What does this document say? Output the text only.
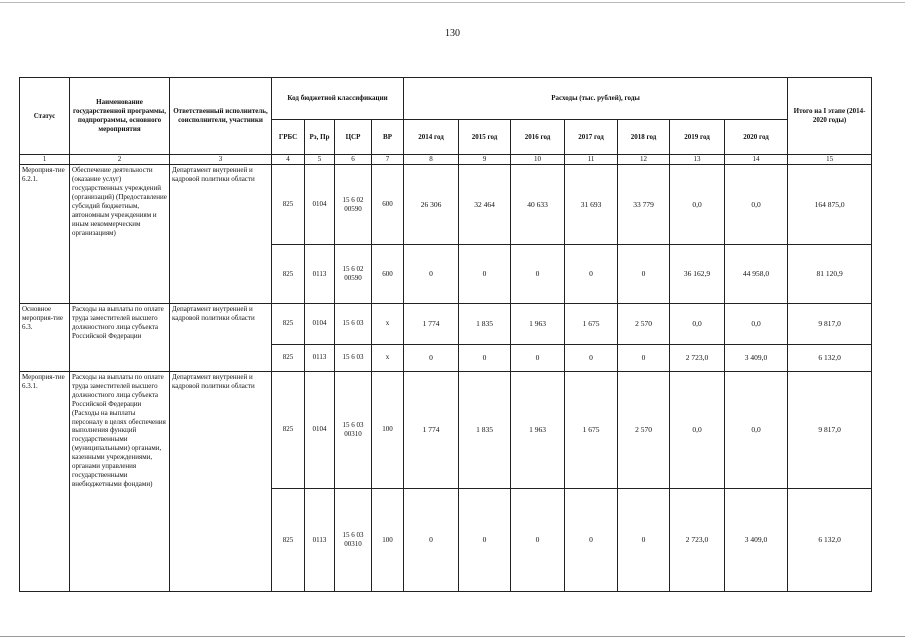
130
Статус	Наименование государственной программы, подпрограммы, основного мероприятия	Ответственный исполнитель, соисполнители, участники	Код бюджетной классификации				Расходы (тыс. рублей), годы							Итого на I этапе (2014-2020 годы)
			ГРБС	Рз, Пр	ЦСР	ВР	2014 год	2015 год	2016 год	2017 год	2018 год	2019 год	2020 год	
1	2	3	4	5	6	7	8	9	10	11	12	13	14	15
Мероприя-тие 6.2.1.	Обеспечение деятельности (оказание услуг) государственных учреждений (организаций) (Предоставление субсидий бюджетным, автономным учреждениям и иным некоммерческим организациям)	Департамент внутренней и кадровой политики области	825	0104	15 6 02 00590	600	26 306	32 464	40 633	31 693	33 779	0,0	0,0	164 875,0
			825	0113	15 6 02 00590	600	0	0	0	0	0	36 162,9	44 958,0	81 120,9
Основное мероприя-тие 6.3.	Расходы на выплаты по оплате труда заместителей высшего должностного лица субъекта Российской Федерации	Департамент внутренней и кадровой политики области	825	0104	15 6 03	х	1 774	1 835	1 963	1 675	2 570	0,0	0,0	9 817,0
			825	0113	15 6 03	х	0	0	0	0	0	2 723,0	3 409,0	6 132,0
Мероприя-тие 6.3.1.	Расходы на выплаты по оплате труда заместителей высшего должностного лица субъекта Российской Федерации (Расходы на выплаты персоналу в целях обеспечения выполнения функций государственными (муниципальными) органами, казенными учреждениями, органами управления государственными внебюджетными фондами)	Департамент внутренней и кадровой политики области	825	0104	15 6 03 00310	100	1 774	1 835	1 963	1 675	2 570	0,0	0,0	9 817,0
			825	0113	15 6 03 00310	100	0	0	0	0	0	2 723,0	3 409,0	6 132,0
